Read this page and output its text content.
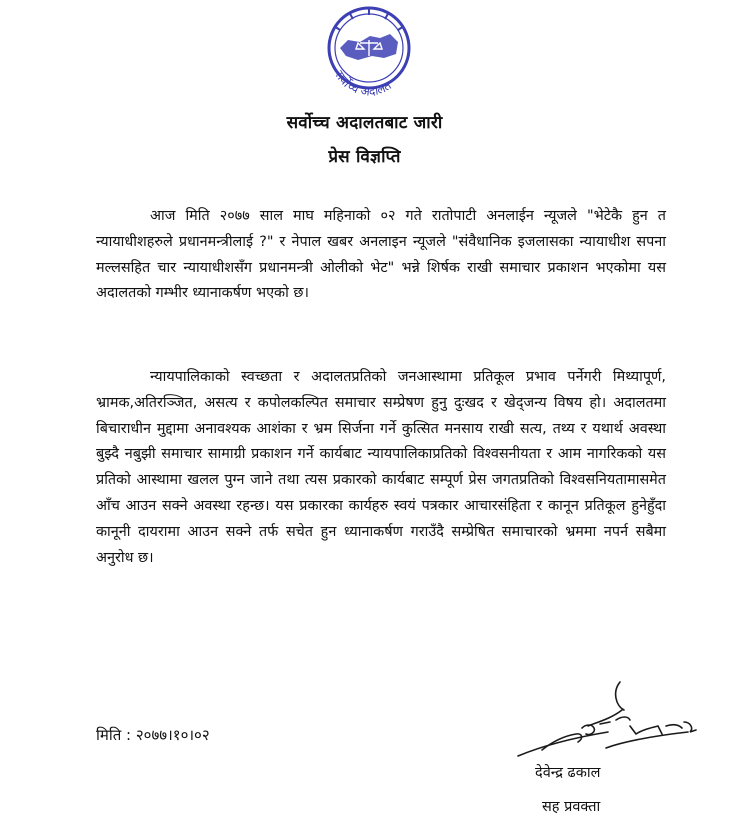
सर्वोच्च अदालत
सर्वोच्च अदालतबाट जारी
प्रेस विज्ञप्ति

आज मिति २०७७ साल माघ महिनाको ०२ गते रातोपाटी अनलाईन न्यूजले "भेटेकै हुन त न्यायाधीशहरुले प्रधानमन्त्रीलाई ?" र नेपाल खबर अनलाइन न्यूजले "संवैधानिक इजलासका न्यायाधीश सपना मल्लसहित चार न्यायाधीशसँग प्रधानमन्त्री ओलीको भेट" भन्ने शिर्षक राखी समाचार प्रकाशन भएकोमा यस अदालतको गम्भीर ध्यानाकर्षण भएको छ।

न्यायपालिकाको स्वच्छता र अदालतप्रतिको जनआस्थामा प्रतिकूल प्रभाव पर्नेगरी मिथ्यापूर्ण, भ्रामक,अतिरञ्जित, असत्य र कपोलकल्पित समाचार सम्प्रेषण हुनु दुःखद र खेद्जन्य विषय हो। अदालतमा बिचाराधीन मुद्दामा अनावश्यक आशंका र भ्रम सिर्जना गर्ने कुत्सित मनसाय राखी सत्य, तथ्य र यथार्थ अवस्था बुझ्दै नबुझी समाचार सामाग्री प्रकाशन गर्ने कार्यबाट न्यायपालिकाप्रतिको विश्वसनीयता र आम नागरिकको यस प्रतिको आस्थामा खलल पुग्न जाने तथा त्यस प्रकारको कार्यबाट सम्पूर्ण प्रेस जगतप्रतिको विश्वसनियतामासमेत आँच आउन सक्ने अवस्था रहन्छ। यस प्रकारका कार्यहरु स्वयं पत्रकार आचारसंहिता र कानून प्रतिकूल हुनेहुँदा कानूनी दायरामा आउन सक्ने तर्फ सचेत हुन ध्यानाकर्षण गराउँदै सम्प्रेषित समाचारको भ्रममा नपर्न सबैमा अनुरोध छ।

मिति : २०७७।१०।०२
देवेन्द्र ढकाल
सह प्रवक्ता
